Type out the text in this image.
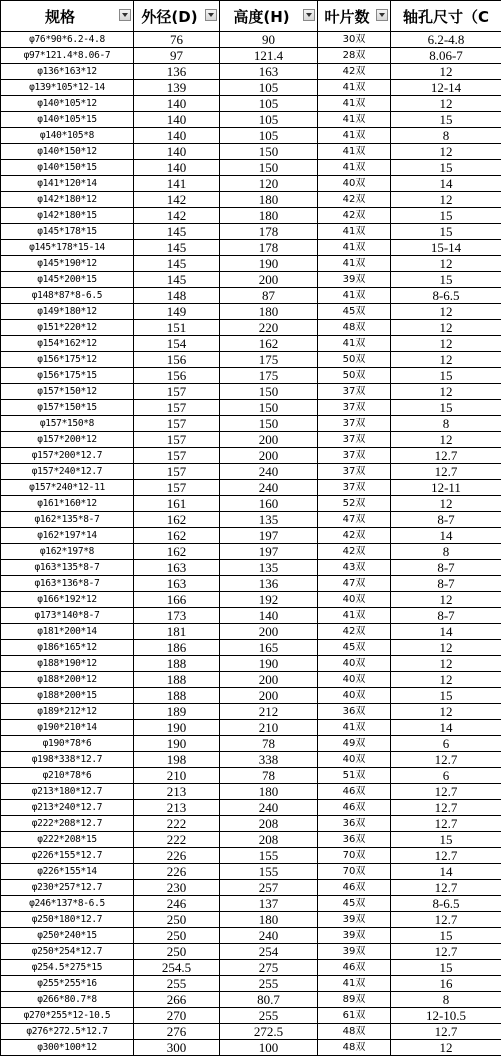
规格	外径(D)	高度(H)	叶片数	轴孔尺寸（C
φ76*90*6.2-4.8	76	90	30双	6.2-4.8
φ97*121.4*8.06-7	97	121.4	28双	8.06-7
φ136*163*12	136	163	42双	12
φ139*105*12-14	139	105	41双	12-14
φ140*105*12	140	105	41双	12
φ140*105*15	140	105	41双	15
φ140*105*8	140	105	41双	8
φ140*150*12	140	150	41双	12
φ140*150*15	140	150	41双	15
φ141*120*14	141	120	40双	14
φ142*180*12	142	180	42双	12
φ142*180*15	142	180	42双	15
φ145*178*15	145	178	41双	15
φ145*178*15-14	145	178	41双	15-14
φ145*190*12	145	190	41双	12
φ145*200*15	145	200	39双	15
φ148*87*8-6.5	148	87	41双	8-6.5
φ149*180*12	149	180	45双	12
φ151*220*12	151	220	48双	12
φ154*162*12	154	162	41双	12
φ156*175*12	156	175	50双	12
φ156*175*15	156	175	50双	15
φ157*150*12	157	150	37双	12
φ157*150*15	157	150	37双	15
φ157*150*8	157	150	37双	8
φ157*200*12	157	200	37双	12
φ157*200*12.7	157	200	37双	12.7
φ157*240*12.7	157	240	37双	12.7
φ157*240*12-11	157	240	37双	12-11
φ161*160*12	161	160	52双	12
φ162*135*8-7	162	135	47双	8-7
φ162*197*14	162	197	42双	14
φ162*197*8	162	197	42双	8
φ163*135*8-7	163	135	43双	8-7
φ163*136*8-7	163	136	47双	8-7
φ166*192*12	166	192	40双	12
φ173*140*8-7	173	140	41双	8-7
φ181*200*14	181	200	42双	14
φ186*165*12	186	165	45双	12
φ188*190*12	188	190	40双	12
φ188*200*12	188	200	40双	12
φ188*200*15	188	200	40双	15
φ189*212*12	189	212	36双	12
φ190*210*14	190	210	41双	14
φ190*78*6	190	78	49双	6
φ198*338*12.7	198	338	40双	12.7
φ210*78*6	210	78	51双	6
φ213*180*12.7	213	180	46双	12.7
φ213*240*12.7	213	240	46双	12.7
φ222*208*12.7	222	208	36双	12.7
φ222*208*15	222	208	36双	15
φ226*155*12.7	226	155	70双	12.7
φ226*155*14	226	155	70双	14
φ230*257*12.7	230	257	46双	12.7
φ246*137*8-6.5	246	137	45双	8-6.5
φ250*180*12.7	250	180	39双	12.7
φ250*240*15	250	240	39双	15
φ250*254*12.7	250	254	39双	12.7
φ254.5*275*15	254.5	275	46双	15
φ255*255*16	255	255	41双	16
φ266*80.7*8	266	80.7	89双	8
φ270*255*12-10.5	270	255	61双	12-10.5
φ276*272.5*12.7	276	272.5	48双	12.7
φ300*100*12	300	100	48双	12
